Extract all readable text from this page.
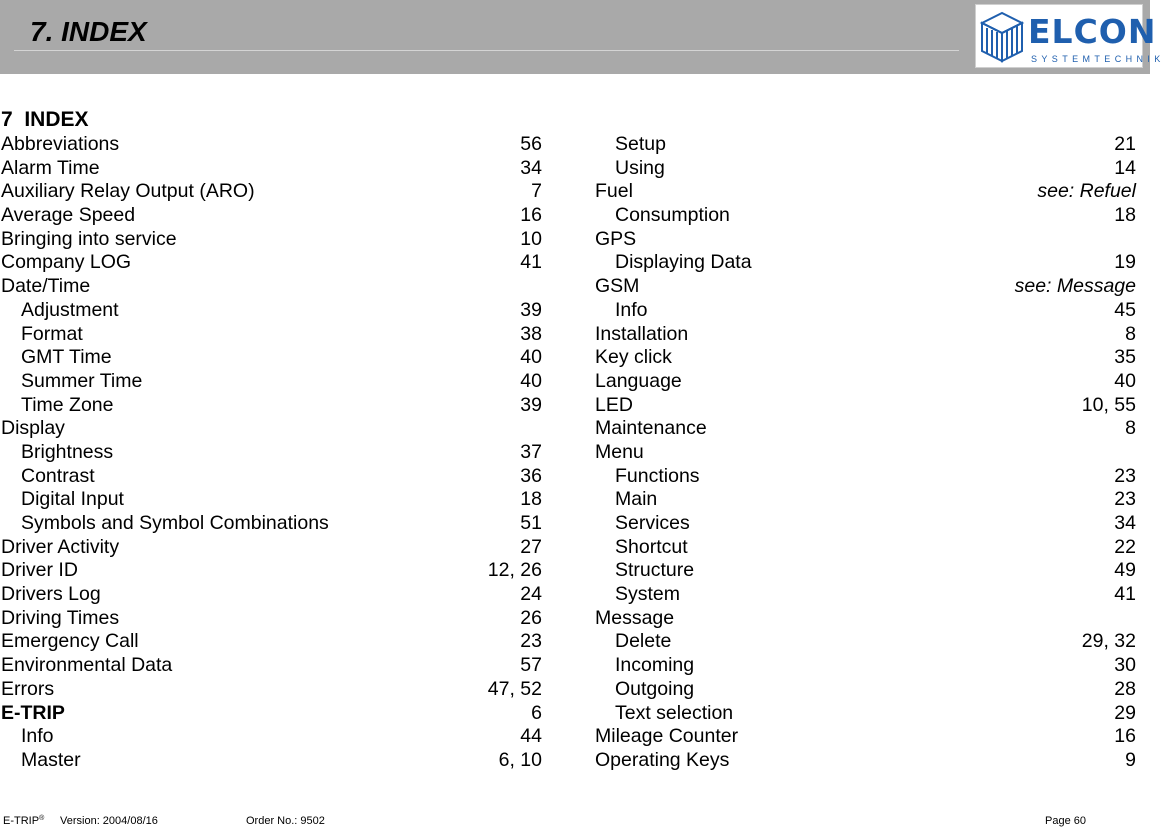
7. INDEX	ELCON
SYSTEMTECHNIK
7  INDEX
Abbreviations	56
Alarm Time	34
Auxiliary Relay Output (ARO)	7
Average Speed	16
Bringing into service	10
Company LOG	41
Date/Time
Adjustment	39
Format	38
GMT Time	40
Summer Time	40
Time Zone	39
Display
Brightness	37
Contrast	36
Digital Input	18
Symbols and Symbol Combinations	51
Driver Activity	27
Driver ID	12, 26
Drivers Log	24
Driving Times	26
Emergency Call	23
Environmental Data	57
Errors	47, 52
E-TRIP	6
Info	44
Master	6, 10
Setup	21
Using	14
Fuel	see: Refuel
Consumption	18
GPS
Displaying Data	19
GSM	see: Message
Info	45
Installation	8
Key click	35
Language	40
LED	10, 55
Maintenance	8
Menu
Functions	23
Main	23
Services	34
Shortcut	22
Structure	49
System	41
Message
Delete	29, 32
Incoming	30
Outgoing	28
Text selection	29
Mileage Counter	16
Operating Keys	9
E-TRIP® Version: 2004/08/16	Order No.: 9502	Page 60
